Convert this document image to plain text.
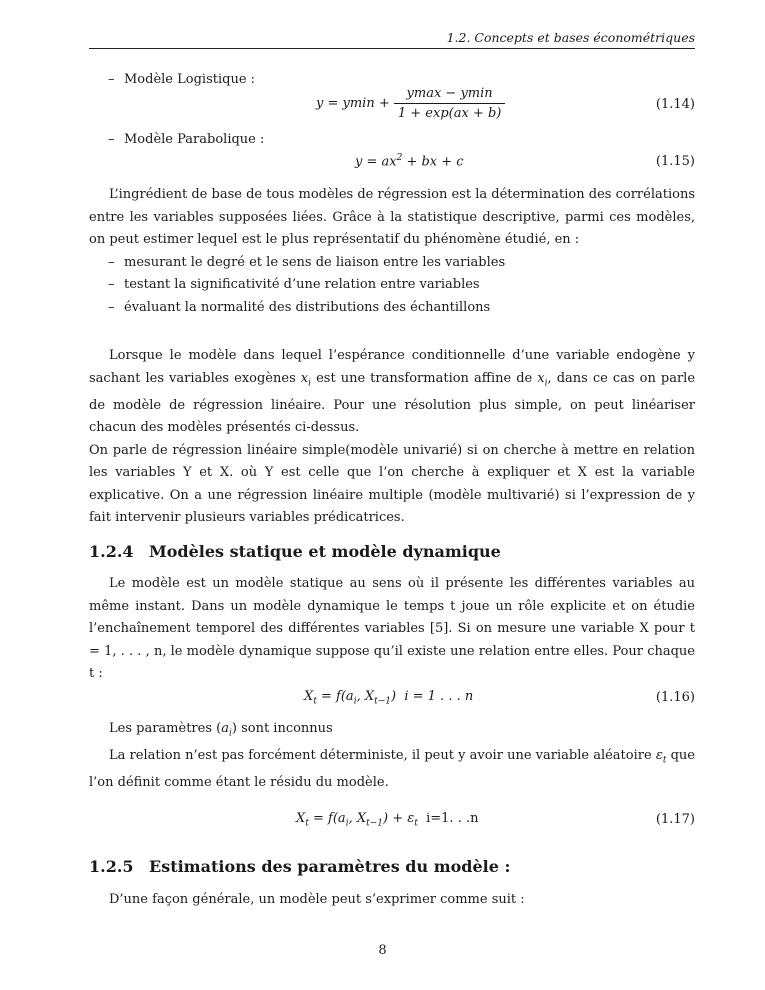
1.2. Concepts et bases économétriques
– Modèle Logistique :
$y = ymin + \frac{ymax - ymin}{1 + \exp(ax + b)}$	(1.14)
– Modèle Parabolique :
$y = ax^2$ + bx + c	(1.15)

L’ingrédient de base de tous modèles de régression est la détermination des corrélations entre les variables supposées liées. Grâce à la statistique descriptive, parmi ces modèles, on peut estimer lequel est le plus représentatif du phénomène étudié, en :

– mesurant le degré et le sens de liaison entre les variables
– testant la significativité d’une relation entre variables
– évaluant la normalité des distributions des échantillons

Lorsque le modèle dans lequel l’espérance conditionnelle d’une variable endogène y sachant les variables exogènes $x_i$ est une transformation affine de $x_i$, dans ce cas on parle de modèle de régression linéaire. Pour une résolution plus simple, on peut linéariser chacun des modèles présentés ci-dessus.

On parle de régression linéaire simple(modèle univarié) si on cherche à mettre en relation les variables Y et X. où Y est celle que l’on cherche à expliquer et X est la variable explicative. On a une régression linéaire multiple (modèle multivarié) si l’expression de y fait intervenir plusieurs variables prédicatrices.

1.2.4 Modèles statique et modèle dynamique

Le modèle est un modèle statique au sens où il présente les différentes variables au même instant. Dans un modèle dynamique le temps t joue un rôle explicite et on étudie l’enchaînement temporel des différentes variables [5]. Si on mesure une variable X pour t = 1, . . . , n, le modèle dynamique suppose qu’il existe une relation entre elles. Pour chaque t :

$X_t = f(a_i$, $X_{t-1}$)  i = 1 . . . n	(1.16)

Les paramètres $(a_i)$ sont inconnus

La relation n’est pas forcément déterministe, il peut y avoir une variable aléatoire $\varepsilon_t$ que l’on définit comme étant le résidu du modèle.

$X_t = f(a_i$, $X_{t-1}) + \varepsilon_t$ i=1. . .n	(1.17)
1.2.5 Estimations des paramètres du modèle :

D’une façon générale, un modèle peut s’exprimer comme suit :

8
